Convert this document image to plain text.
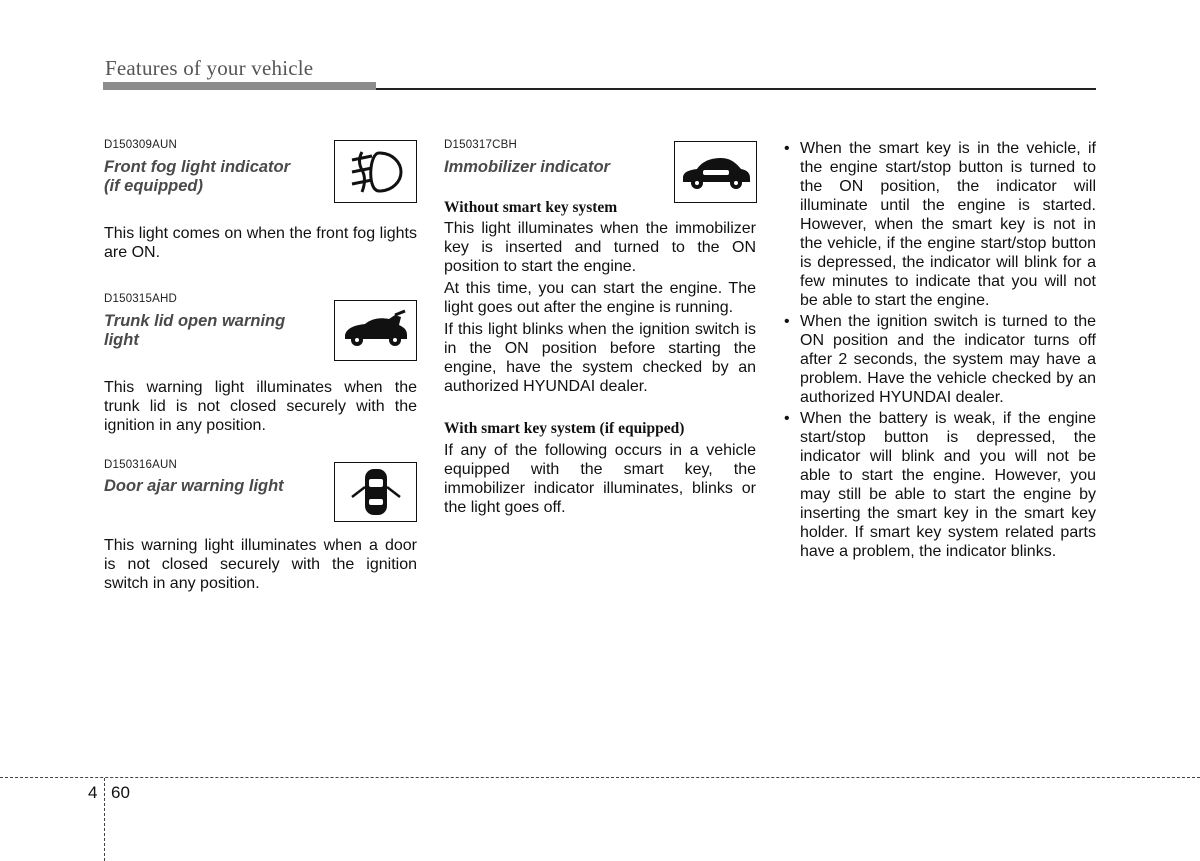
Features of your vehicle
D150309AUN
Front fog light indicator
(if equipped)
This light comes on when the front fog lights are ON.
D150315AHD
Trunk lid open warning
light
This warning light illuminates when the trunk lid is not closed securely with the ignition in any position.
D150316AUN
Door ajar warning light
This warning light illuminates when a door is not closed securely with the ignition switch in any position.
D150317CBH
Immobilizer indicator
Without smart key system
This light illuminates when the immobilizer key is inserted and turned to the ON position to start the engine.
At this time, you can start the engine. The light goes out after the engine is running.
If this light blinks when the ignition switch is in the ON position before starting the engine, have the system checked by an authorized HYUNDAI dealer.
With smart key system (if equipped)
If any of the following occurs in a vehicle equipped with the smart key, the immobilizer indicator illuminates, blinks or the light goes off.
• When the smart key is in the vehicle, if the engine start/stop button is turned to the ON position, the indicator will illuminate until the engine is started. However, when the smart key is not in the vehicle, if the engine start/stop button is depressed, the indicator will blink for a few minutes to indicate that you will not be able to start the engine.
• When the ignition switch is turned to the ON position and the indicator turns off after 2 seconds, the system may have a problem. Have the vehicle checked by an authorized HYUNDAI dealer.
• When the battery is weak, if the engine start/stop button is depressed, the indicator will blink and you will not be able to start the engine. However, you may still be able to start the engine by inserting the smart key in the smart key holder. If smart key system related parts have a problem, the indicator blinks.
4 60
